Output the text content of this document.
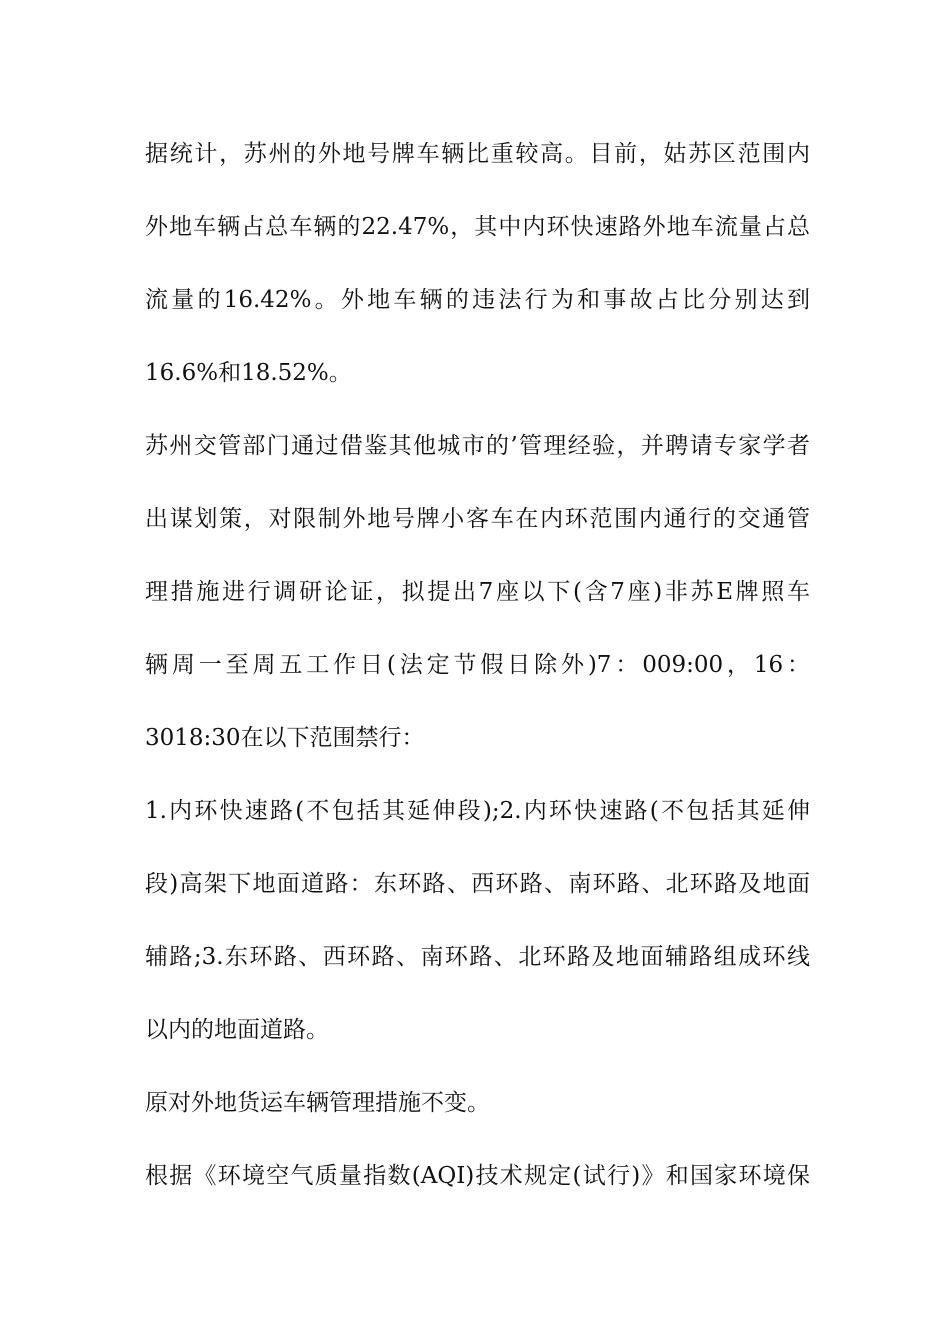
据统计，苏州的外地号牌车辆比重较高。目前，姑苏区范围内
外地车辆占总车辆的22.47%，其中内环快速路外地车流量占总
流量的16.42%。外地车辆的违法行为和事故占比分别达到
16.6%和18.52%。
苏州交管部门通过借鉴其他城市的’管理经验，并聘请专家学者
出谋划策，对限制外地号牌小客车在内环范围内通行的交通管
理措施进行调研论证，拟提出7座以下(含7座)非苏E牌照车
辆周一至周五工作日(法定节假日除外)7：009:00，16：
3018:30在以下范围禁行：
1.内环快速路(不包括其延伸段);2.内环快速路(不包括其延伸
段)高架下地面道路：东环路、西环路、南环路、北环路及地面
辅路;3.东环路、西环路、南环路、北环路及地面辅路组成环线
以内的地面道路。
原对外地货运车辆管理措施不变。
根据《环境空气质量指数(AQI)技术规定(试行)》和国家环境保
